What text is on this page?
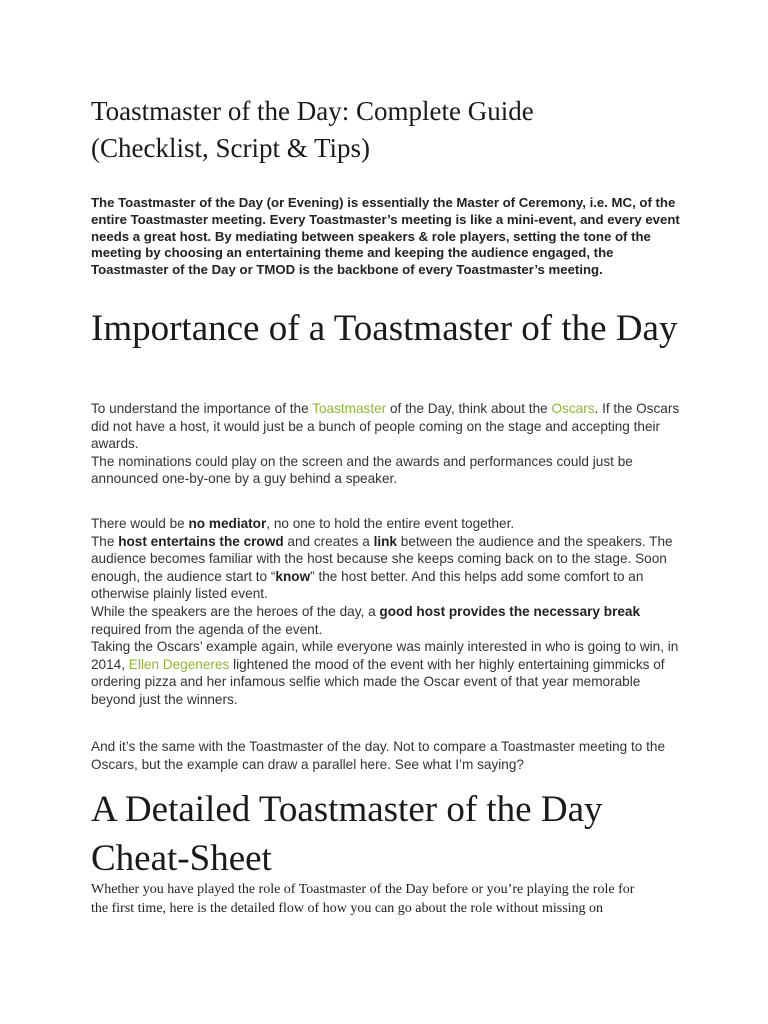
Toastmaster of the Day: Complete Guide (Checklist, Script & Tips)

The Toastmaster of the Day (or Evening) is essentially the Master of Ceremony, i.e. MC, of the entire Toastmaster meeting. Every Toastmaster’s meeting is like a mini-event, and every event needs a great host. By mediating between speakers & role players, setting the tone of the meeting by choosing an entertaining theme and keeping the audience engaged, the Toastmaster of the Day or TMOD is the backbone of every Toastmaster’s meeting.

Importance of a Toastmaster of the Day

To understand the importance of the Toastmaster of the Day, think about the Oscars. If the Oscars did not have a host, it would just be a bunch of people coming on the stage and accepting their awards.

The nominations could play on the screen and the awards and performances could just be announced one-by-one by a guy behind a speaker.

There would be no mediator, no one to hold the entire event together.

The host entertains the crowd and creates a link between the audience and the speakers. The audience becomes familiar with the host because she keeps coming back on to the stage. Soon enough, the audience start to “know” the host better. And this helps add some comfort to an otherwise plainly listed event.

While the speakers are the heroes of the day, a good host provides the necessary break required from the agenda of the event.

Taking the Oscars’ example again, while everyone was mainly interested in who is going to win, in 2014, Ellen Degeneres lightened the mood of the event with her highly entertaining gimmicks of ordering pizza and her infamous selfie which made the Oscar event of that year memorable beyond just the winners.

And it’s the same with the Toastmaster of the day. Not to compare a Toastmaster meeting to the Oscars, but the example can draw a parallel here. See what I’m saying?

A Detailed Toastmaster of the Day Cheat-Sheet

Whether you have played the role of Toastmaster of the Day before or you’re playing the role for the first time, here is the detailed flow of how you can go about the role without missing on
